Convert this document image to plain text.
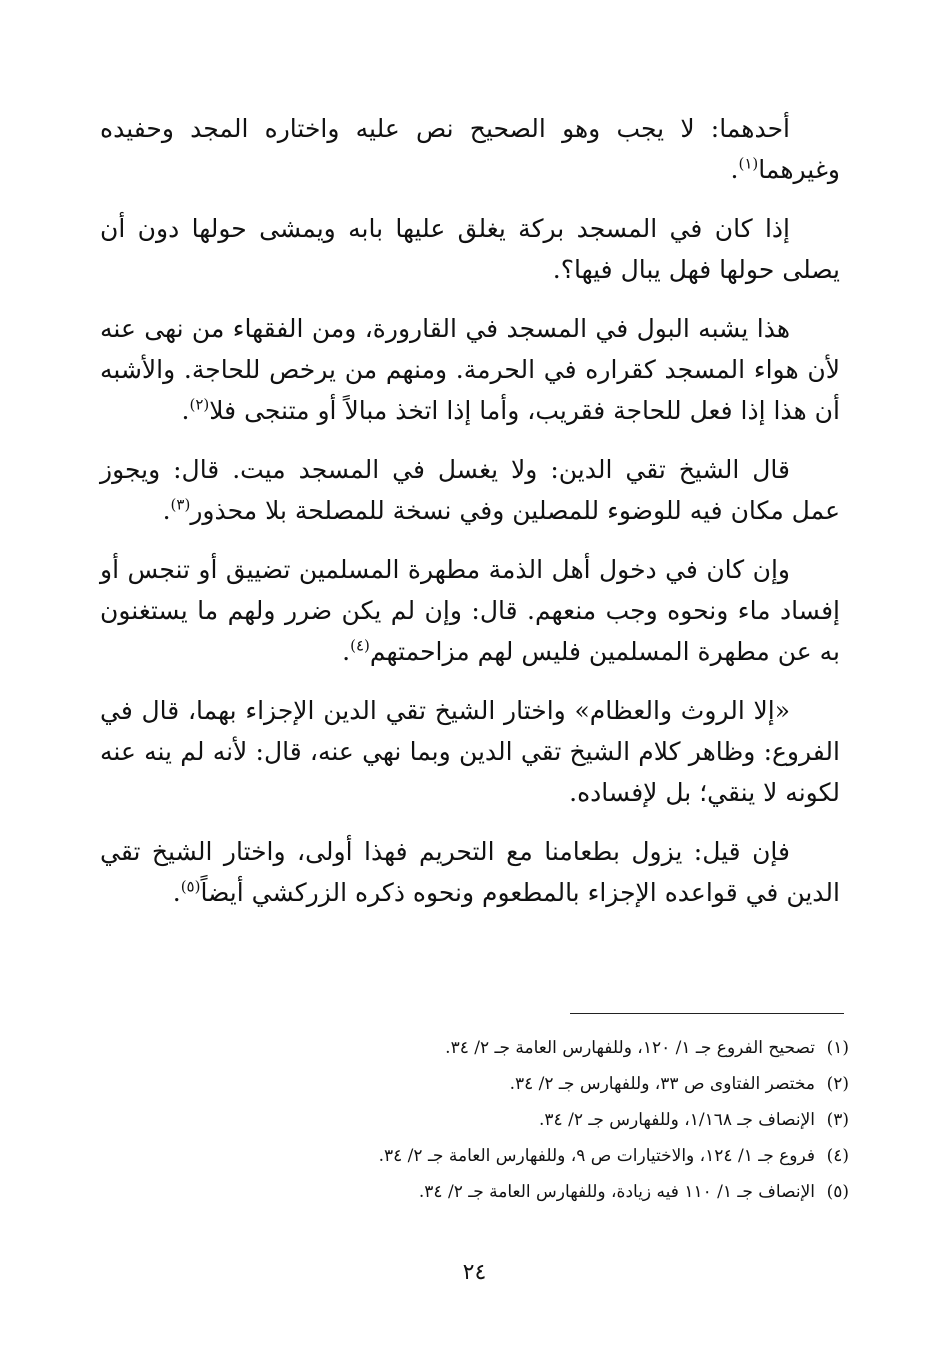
أحدهما: لا يجب وهو الصحيح نص عليه واختاره المجد وحفيده وغيرهما$^{(١)}$.

إذا كان في المسجد بركة يغلق عليها بابه ويمشى حولها دون أن يصلى حولها فهل يبال فيها؟.

هذا يشبه البول في المسجد في القارورة، ومن الفقهاء من نهى عنه لأن هواء المسجد كقراره في الحرمة. ومنهم من يرخص للحاجة. والأشبه أن هذا إذا فعل للحاجة فقريب، وأما إذا اتخذ مبالاً أو متنجى فلا$^{(٢)}$.

قال الشيخ تقي الدين: ولا يغسل في المسجد ميت. قال: ويجوز عمل مكان فيه للوضوء للمصلين وفي نسخة للمصلحة بلا محذور$^{(٣)}$.

وإن كان في دخول أهل الذمة مطهرة المسلمين تضييق أو تنجس أو إفساد ماء ونحوه وجب منعهم. قال: وإن لم يكن ضرر ولهم ما يستغنون به عن مطهرة المسلمين فليس لهم مزاحمتهم$^{(٤)}$.

«إلا الروث والعظام» واختار الشيخ تقي الدين الإجزاء بهما، قال في الفروع: وظاهر كلام الشيخ تقي الدين وبما نهي عنه، قال: لأنه لم ينه عنه لكونه لا ينقي؛ بل لإفساده.

فإن قيل: يزول بطعامنا مع التحريم فهذا أولى، واختار الشيخ تقي الدين في قواعده الإجزاء بالمطعوم ونحوه ذكره الزركشي أيضاً$^{(٥)}$.

(١)
تصحيح الفروع جـ ١/ ١٢٠، وللفهارس العامة جـ ٢/ ٣٤.
(٢)
مختصر الفتاوى ص ٣٣، وللفهارس جـ ٢/ ٣٤.
(٣)
الإنصاف جـ ١/١٦٨، وللفهارس جـ ٢/ ٣٤.
(٤)
فروع جـ ١/ ١٢٤، والاختيارات ص ٩، وللفهارس العامة جـ ٢/ ٣٤.
(٥)
الإنصاف جـ ١/ ١١٠ فيه زيادة، وللفهارس العامة جـ ٢/ ٣٤.
٢٤
